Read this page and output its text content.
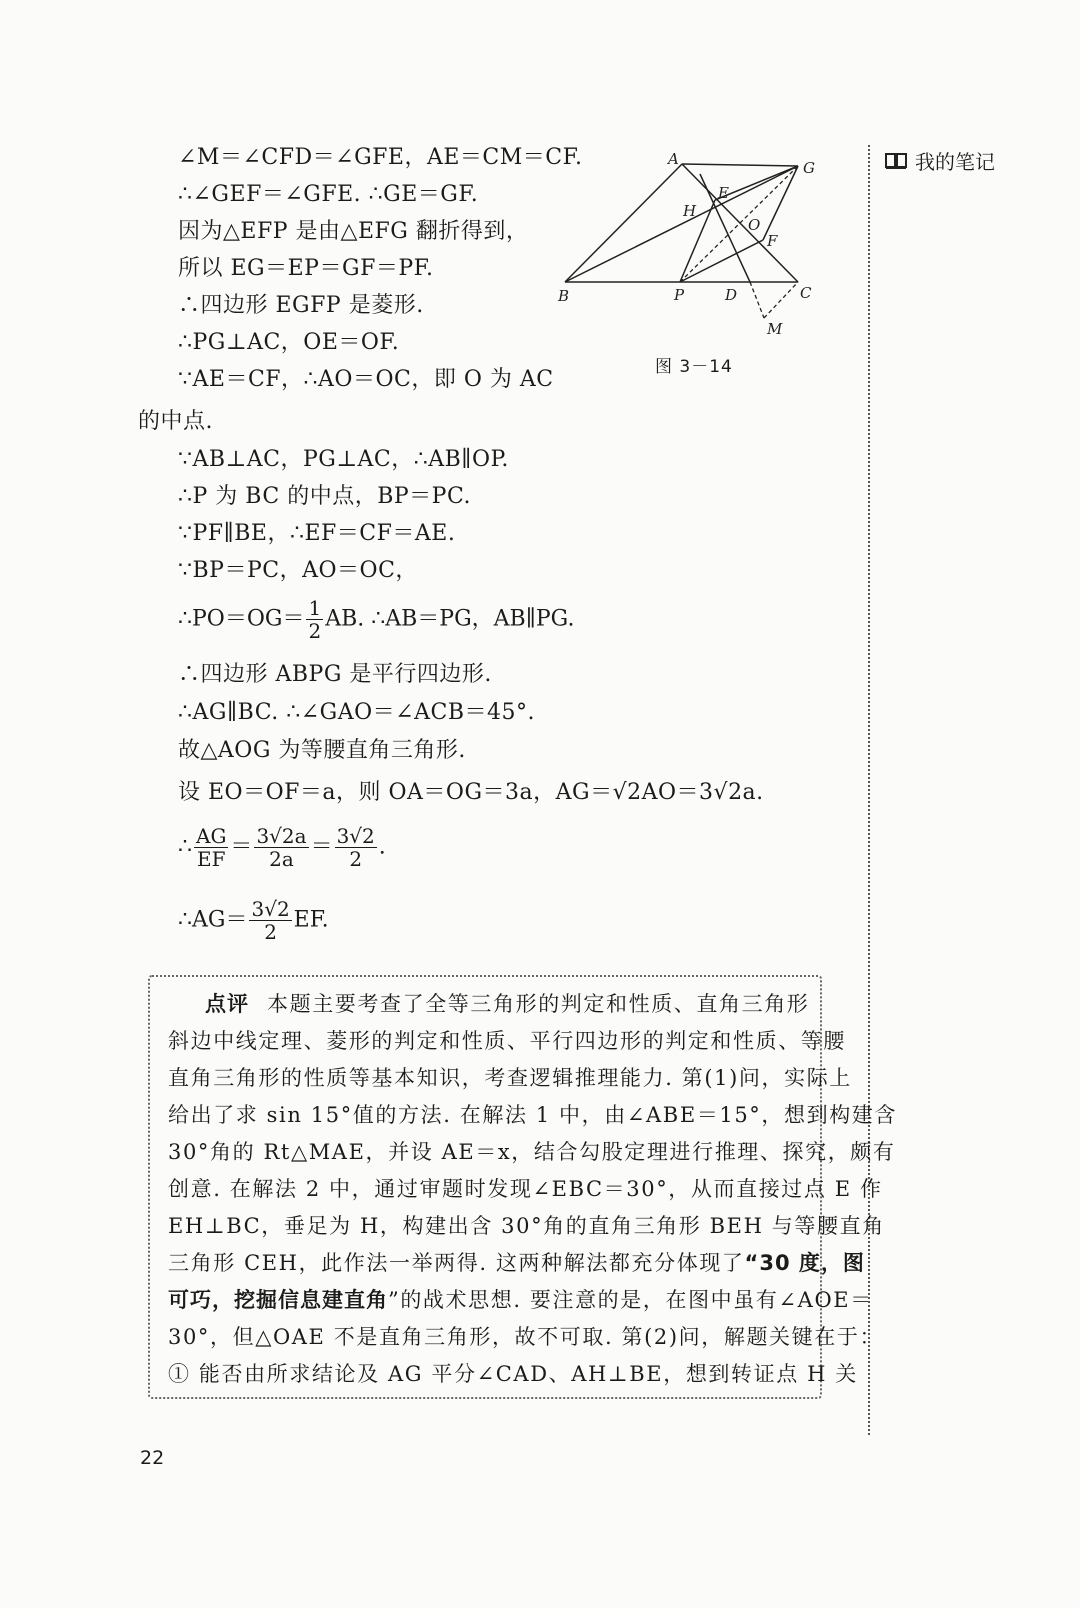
我的笔记
∠M＝∠CFD＝∠GFE，AE＝CM＝CF.
∴∠GEF＝∠GFE. ∴GE＝GF.
因为△EFP 是由△EFG 翻折得到，
所以 EG＝EP＝GF＝PF.
∴四边形 EGFP 是菱形.
∴PG⊥AC，OE＝OF.
∵AE＝CF，∴AO＝OC，即 O 为 AC
的中点.
∵AB⊥AC，PG⊥AC，∴AB∥OP.
∴P 为 BC 的中点，BP＝PC.
∵PF∥BE，∴EF＝CF＝AE.
∵BP＝PC，AO＝OC，
∴PO＝OG＝ $\frac{1}{2}$ AB. ∴AB＝PG，AB∥PG.
∴四边形 ABPG 是平行四边形.
∴AG∥BC. ∴∠GAO＝∠ACB＝45°.
故△AOG 为等腰直角三角形.
设 EO＝OF＝a，则 OA＝OG＝3a，AG＝√2AO＝3√2a.
∴ $\frac{AG}{EF} = \frac{3√2a}{2a} = \frac{3√2}{2}$ .
∴AG＝ $\frac{3√2}{2}$ EF.
A	G
E
H
O
F
B	P	D	C
M
图 3－14
点评 本题主要考查了全等三角形的判定和性质、直角三角形
斜边中线定理、菱形的判定和性质、平行四边形的判定和性质、等腰
直角三角形的性质等基本知识，考查逻辑推理能力. 第(1)问，实际上
给出了求 sin 15°值的方法. 在解法 1 中，由∠ABE＝15°，想到构建含
30°角的 Rt△MAE，并设 AE＝x，结合勾股定理进行推理、探究，颇有
创意. 在解法 2 中，通过审题时发现∠EBC＝30°，从而直接过点 E 作
EH⊥BC，垂足为 H，构建出含 30°角的直角三角形 BEH 与等腰直角
三角形 CEH，此作法一举两得. 这两种解法都充分体现了“30 度，图
可巧，挖掘信息建直角”的战术思想. 要注意的是，在图中虽有∠AOE＝
30°，但△OAE 不是直角三角形，故不可取. 第(2)问，解题关键在于：
① 能否由所求结论及 AG 平分∠CAD、AH⊥BE，想到转证点 H 关
22
